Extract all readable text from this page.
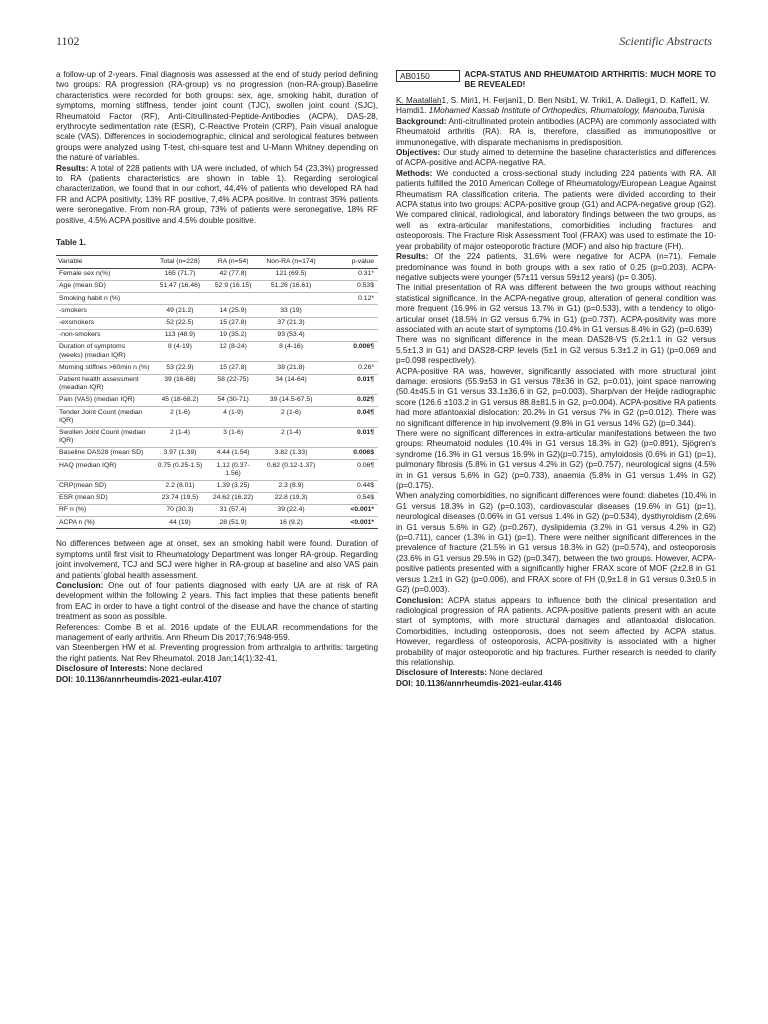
1102	Scientific Abstracts

a follow-up of 2-years. Final diagnosis was assessed at the end of study period defining two groups: RA progression (RA-group) vs no progression (non-RA-group).Baseline characteristics were recorded for both groups: sex, age, smoking habit, duration of symptoms, morning stiffness, tender joint count (TJC), swollen joint count (SJC), Rheumatoid Factor (RF), Anti-Citrullinated-Peptide-Antibodies (ACPA), DAS-28, erythrocyte sedimentation rate (ESR), C-Reactive Protein (CRP), Pain visual analogue scale (VAS). Differences in sociodemographic, clinical and serological features between groups were analyzed using T-test, chi-square test and U-Mann Whitney depending on the nature of variables.

Results: A total of 228 patients with UA were included, of which 54 (23,3%) progressed to RA (patients characteristics are shown in table 1). Regarding serological characterization, we found that in our cohort, 44,4% of patients who developed RA had FR and ACPA positivity, 13% RF positive, 7,4% ACPA positive. In contrast 35% patients were seronegative. From non-RA group, 73% of patients were seronegative, 18% RF positive, 4.5% ACPA positive and 4.5% double positive.

Table 1.
Variable	Total (n=228)	RA (n=54)	Non-RA (n=174)	p-value
Female sex n(%)	165 (71.7)	42 (77.8)	121 (69.5)	0.31*
Age (mean SD)	51.47 (16.46)	52.9 (16.15)	51.26 (16.61)	0.53$
Smoking habit n (%)				0.12*
-smokers	49 (21.2)	14 (25.9)	33 (19)	
-exsmokers	52 (22.5)	15 (27.8)	37 (21.3)	
-non-smokers	113 (48.9)	19 (35.2)	93 (53.4)	
Duration of symptoms (weeks) (median IQR)	8 (4-19)	12 (8-24)	8 (4-16)	0.006¶
Morning stiffnes >60min n (%)	53 (22.9)	15 (27.8)	38 (21.8)	0.26*
Patient health assessment (meadian IQR)	39 (16-68)	58 (22-75)	34 (14-64)	0.01¶
Pain (VAS) (median IQR)	45 (18-68.2)	54 (30-71)	39 (14.5-67.5)	0.02¶
Tender Joint Count (median IQR)	2 (1-6)	4 (1-9)	2 (1-6)	0.04¶
Swollen Joint Count (median IQR)	2 (1-4)	3 (1-6)	2 (1-4)	0.01¶
Baseline DAS28 (mean SD)	3.97 (1.39)	4.44 (1.54)	3.82 (1.33)	0.006$
HAQ (median IQR)	0.75 (0.25-1.5)	1.12 (0.37-1.56)	0.62 (0.12-1.37)	0.06¶
CRP(mean SD)	2.2 (8.01)	1.39 (3.25)	2.3 (8.9)	0.44$
ESR (mean SD)	23.74 (19.5)	24.62 (16.22)	22.8 (19.3)	0.54$
RF n (%)	70 (30.3)	31 (57.4)	39 (22.4)	<0.001*
ACPA n (%)	44 (19)	28 (51.9)	16 (9.2)	<0.001*

No differences between age at onset, sex an smoking habit were found. Duration of symptoms until first visit to Rheumatology Department was longer RA-group. Regarding joint involvement, TCJ and SCJ were higher in RA-group at baseline and also VAS pain and patients´global health assessment.

Conclusion: One out of four patients diagnosed with early UA are at risk of RA development within the following 2 years. This fact implies that these patients benefit from EAC in order to have a tight control of the disease and have the chance of starting treatment as soon as possible.

References: Combe B et al. 2016 update of the EULAR recommendations for the management of early arthritis. Ann Rheum Dis 2017;76:948-959.

van Steenbergen HW et al. Preventing progression from arthralgia to arthritis: targeting the right patients. Nat Rev Rheumatol. 2018 Jan;14(1):32-41.

Disclosure of Interests: None declared

DOI: 10.1136/annrheumdis-2021-eular.4107

AB0150	ACPA-STATUS AND RHEUMATOID ARTHRITIS: MUCH MORE TO BE REVEALED!

K. Maatallah1, S. Miri1, H. Ferjani1, D. Ben Nsib1, W. Triki1, A. Dallegi1, D. Kaffel1, W. Hamdi1. 1Mohamed Kassab Institute of Orthopedics, Rhumatology, Manouba,Tunisia

Background: Anti-citrullinated protein antibodies (ACPA) are commonly associated with Rheumatoid arthritis (RA). RA is, therefore, classified as immunopositive or immunonegative, with disparate mechanisms in predisposition.

Objectives: Our study aimed to determine the baseline characteristics and differences of ACPA-positive and ACPA-negative RA.

Methods: We conducted a cross-sectional study including 224 patients with RA. All patients fulfilled the 2010 American College of Rheumatology/European League Against Rheumatism RA classification criteria. The patients were divided according to their ACPA status into two groups: ACPA-positive group (G1) and ACPA-negative group (G2). We compared clinical, radiological, and laboratory findings between the two groups, as well as extra-articular manifestations, comorbidities including fractures and osteoporosis. The Fracture Risk Assessment Tool (FRAX) was used to estimate the 10-year probability of major osteoporotic fracture (MOF) and also hip fracture (FH).

Results: Of the 224 patients, 31.6% were negative for ACPA (n=71). Female predominance was found in both groups with a sex ratio of 0.25 (p=0.203). ACPA-negative subjects were younger (57±11 versus 59±12 years) (p= 0.305).

The initial presentation of RA was different between the two groups without reaching statistical significance. In the ACPA-negative group, alteration of general condition was more frequent (16.9% in G2 versus 13.7% in G1) (p=0.533), with a tendency to oligo-articular onset (18.5% in G2 versus 6.7% in G1) (p=0.737). ACPA-positivity was more associated with an acute start of symptoms (10.4% in G1 versus 8.4% in G2) (p=0.639)

There was no significant difference in the mean DAS28-VS (5.2±1.1 in G2 versus 5.5±1.3 in G1) and DAS28-CRP levels (5±1 in G2 versus 5.3±1.2 in G1) (p=0.069 and p=0.098 respectively).

ACPA-positive RA was, however, significantly associated with more structural joint damage: erosions (55.9±53 in G1 versus 78±36 in G2, p=0.01), joint space narrowing (50.4±45.5 in G1 versus 33.1±36.6 in G2, p=0.003), Sharp/van der Heijde radiographic score (126.6 ±103.2 in G1 versus 88.8±81.5 in G2, p=0.004). ACPA-positive RA patients had more atlantoaxial dislocation: 20.2% in G1 versus 7% in G2 (p=0.012). There was no significant difference in hip involvement (9.8% in G1 versus 14% G2) (p=0.344).

There were no significant differences in extra-articular manifestations between the two groups: Rheumatoid nodules (10.4% in G1 versus 18.3% in G2) (p=0.891), Sjögren's syndrome (16.3% in G1 versus 16.9% in G2)(p=0.715), amyloidosis (0.6% in G1) (p=1), pulmonary fibrosis (5.8% in G1 versus 4.2% in G2) (p=0.757), neurological signs (4.5% in in G1 versus 5.6% in G2) (p=0.733), anaemia (5.8% in G1 versus 1.4% in G2) (p=0.175).

When analyzing comorbidities, no significant differences were found: diabetes (10.4% in G1 versus 18.3% in G2) (p=0.103), cardiovascular diseases (19.6% in G1) (p=1), neurological diseases (0.06% in G1 versus 1.4% in G2) (p=0.534), dysthyroidism (2.6% in G1 versus 5.6% in G2) (p=0.267), dyslipidemia (3.2% in G1 versus 4.2% in G2) (p=0.711), cancer (1.3% in G1) (p=1). There were neither significant differences in the prevalence of fracture (21.5% in G1 versus 18.3% in G2) (p=0.574), and osteoporosis (23.6% in G1 versus 29.5% in G2) (p=0.347), between the two groups. However, ACPA-positive patients presented with a significantly higher FRAX score of MOF (2±2.8 in G1 versus 1.2±1 in G2) (p=0.006), and FRAX score of FH (0,9±1.8 in G1 versus 0.3±0.5 in G2) (p=0.003).

Conclusion: ACPA status appears to influence both the clinical presentation and radiological progression of RA patients. ACPA-positive patients present with an acute start of symptoms, with more structural damages and atlantoaxial dislocation. Comorbidities, including osteoporosis, does not seem affected by ACPA status. However, regardless of osteoporosis, ACPA-positivity is associated with a higher probability of major osteoporotic and hip fractures. Further research is needed to clarify this relationship.

Disclosure of Interests: None declared

DOI: 10.1136/annrheumdis-2021-eular.4146
